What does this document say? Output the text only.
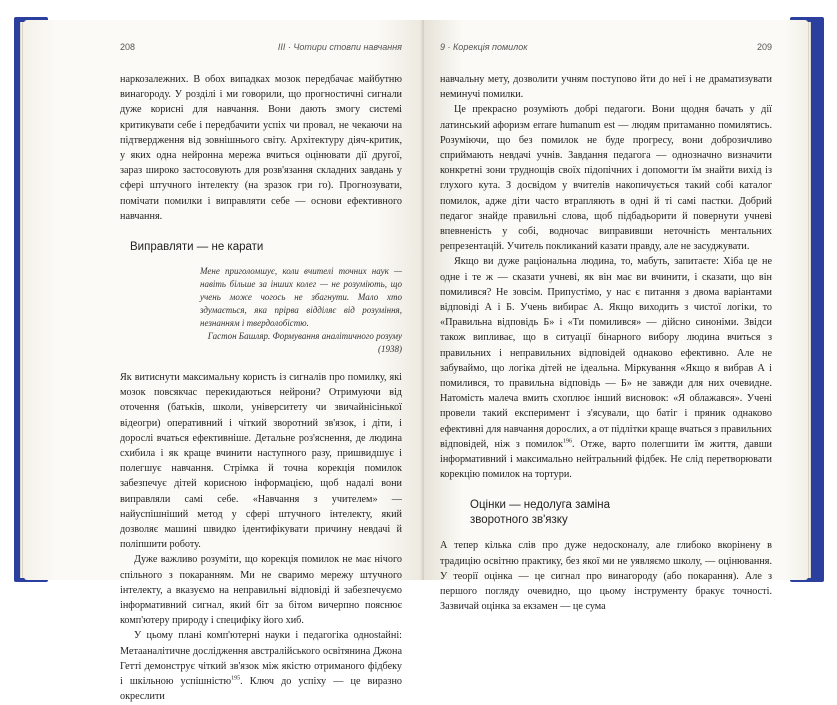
208	III · Чотири стовпи навчання

наркозалежних. В обох випадках мозок передбачає майбутню винагороду. У розділі і ми говорили, що прогностичні сигнали дуже корисні для навчання. Вони дають змогу системі критикувати себе і передбачити успіх чи провал, не чекаючи на підтвердження від зовнішнього світу. Архітектуру діяч-критик, у яких одна нейронна мережа вчиться оцінювати дії другої, зараз широко застосовують для розв'язання складних завдань у сфері штучного інтелекту (на зразок гри го). Прогнозувати, помічати помилки і виправляти себе — основи ефективного навчання.

Виправляти — не карати
Мене приголомшує, коли вчителі точних наук — навіть більше за інших колег — не розуміють, що учень може чогось не збагнути. Мало хто здумається, яка прірва відділяє від розуміння, незнанням і твердолобістю.
Гастон Башляр. Формування аналітичного розуму (1938)

Як витиснути максимальну користь із сигналів про помилку, які мозок повсякчас перекидаються нейрони? Отримуючи від оточення (батьків, школи, університету чи звичайнісінької відеогри) оперативний і чіткий зворотний зв'язок, і діти, і дорослі вчаться ефективніше. Детальне роз'яснення, де людина схибила і як краще вчинити наступного разу, пришвидшує і полегшує навчання. Стрімка й точна корекція помилок забезпечує дітей корисною інформацією, щоб надалі вони виправляли самі себе. «Навчання з учителем» — найуспішніший метод у сфері штучного інтелекту, який дозволяє машині швидко ідентифікувати причину невдачі й поліпшити роботу.

Дуже важливо розуміти, що корекція помилок не має нічого спільного з покаранням. Ми не сваримо мережу штучного інтелекту, а вказуємо на неправильні відповіді й забезпечуємо інформативний сигнал, який біт за бітом вичерпно пояснює комп'ютеру природу і специфіку його хиб.

У цьому плані комп'ютерні науки і педагогіка однostaйні: Метааналітичне дослідження австралійського освітянина Джона Гетті демонструє чіткий зв'язок між якістю отриманого фідбеку і шкільною успішністю$^{195}$. Ключ до успіху — це виразно окреслити

9 · Корекція помилок	209

навчальну мету, дозволити учням поступово йти до неї і не драматизувати неминучі помилки.

Це прекрасно розуміють добрі педагоги. Вони щодня бачать у дії латинський афоризм errare humanum est — людям притаманно помилятись. Розуміючи, що без помилок не буде прогресу, вони доброзичливо сприймають невдачі учнів. Завдання педагога — однозначно визначити конкретні зони труднощів своїх підопічних і допомогти їм знайти вихід із глухого кута. З досвідом у вчителів накопичується такий собі каталог помилок, адже діти часто втрапляють в одні й ті самі пастки. Добрий педагог знайде правильні слова, щоб підбадьорити й повернути учневі впевненість у собі, водночас виправивши неточність ментальних репрезентацій. Учитель покликаний казати правду, але не засуджувати.

Якщо ви дуже раціональна людина, то, мабуть, запитаєте: Хіба це не одне і те ж — сказати учневі, як він має ви вчинити, і сказати, що він помилився? Не зовсім. Припустімо, у нас є питання з двома варіантами відповіді А і Б. Учень вибирає А. Якщо виходить з чистої логіки, то «Правильна відповідь Б» і «Ти помилився» — дійсно синоніми. Звідси також випливає, що в ситуації бінарного вибору людина вчиться з правильних і неправильних відповідей однаково ефективно. Але не забуваймо, що логіка дітей не ідеальна. Міркування «Якщо я вибрав А і помилився, то правильна відповідь — Б» не завжди для них очевидне. Натомість малеча вмить схоплює інший висновок: «Я облажався». Учені провели такий експеримент і з'ясували, що батіг і пряник однаково ефективні для навчання дорослих, а от підлітки краще вчаться з правильних відповідей, ніж з помилок$^{196}$. Отже, варто полегшити їм життя, давши інформативний і максимально нейтральний фідбек. Не слід перетворювати корекцію помилок на тортури.

Оцінки — недолуга заміна зворотного зв'язку

А тепер кілька слів про дуже недосконалу, але глибоко вкорінену в традицію освітню практику, без якої ми не уявляємо школу, — оцінювання. У теорії оцінка — це сигнал про винагороду (або покарання). Але з першого погляду очевидно, що цьому інструменту бракує точності. Зазвичай оцінка за екзамен — це сума
